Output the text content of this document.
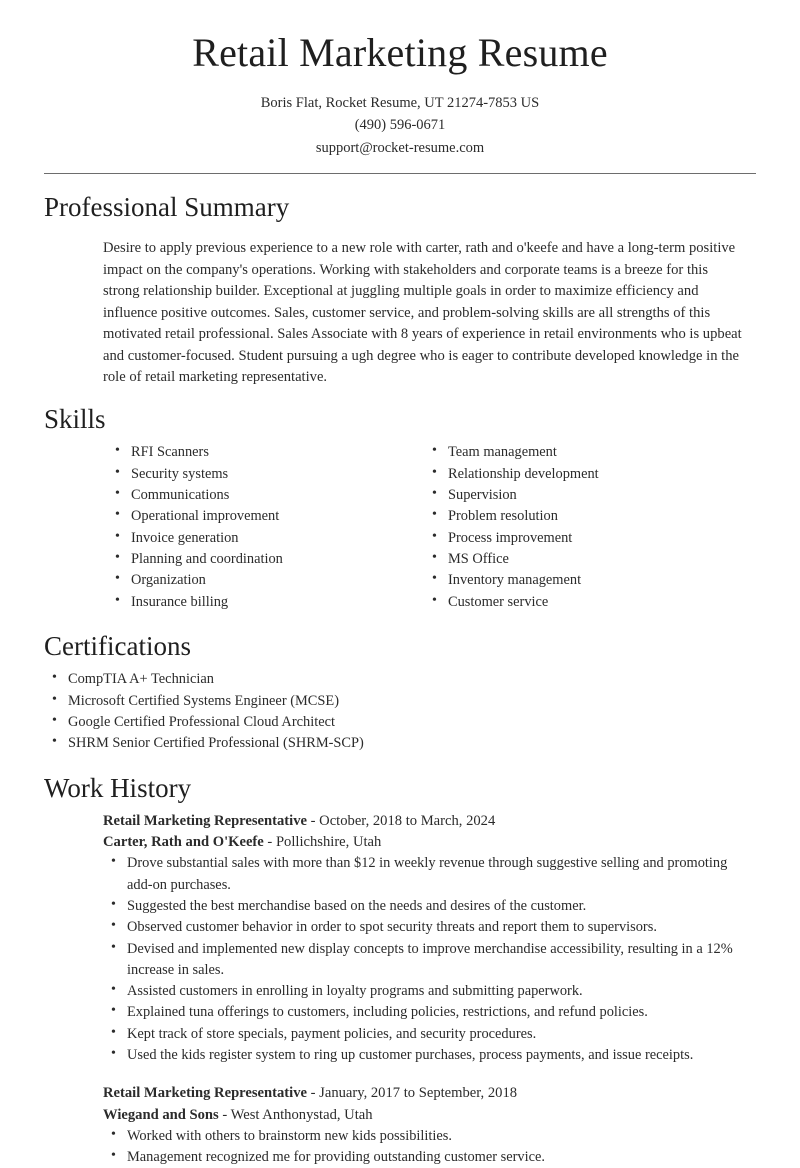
Retail Marketing Resume
Boris Flat, Rocket Resume, UT 21274-7853 US
(490) 596-0671
support@rocket-resume.com
Professional Summary

Desire to apply previous experience to a new role with carter, rath and o'keefe and have a long-term positive impact on the company's operations. Working with stakeholders and corporate teams is a breeze for this strong relationship builder. Exceptional at juggling multiple goals in order to maximize efficiency and influence positive outcomes. Sales, customer service, and problem-solving skills are all strengths of this motivated retail professional. Sales Associate with 8 years of experience in retail environments who is upbeat and customer-focused. Student pursuing a ugh degree who is eager to contribute developed knowledge in the role of retail marketing representative.

Skills
• RFI Scanners
• Security systems
• Communications
• Operational improvement
• Invoice generation
• Planning and coordination
• Organization
• Insurance billing
• Team management
• Relationship development
• Supervision
• Problem resolution
• Process improvement
• MS Office
• Inventory management
• Customer service
Certifications
• CompTIA A+ Technician
• Microsoft Certified Systems Engineer (MCSE)
• Google Certified Professional Cloud Architect
• SHRM Senior Certified Professional (SHRM-SCP)
Work History
Retail Marketing Representative - October, 2018 to March, 2024
Carter, Rath and O'Keefe - Pollichshire, Utah
• Drove substantial sales with more than $12 in weekly revenue through suggestive selling and promoting add-on purchases.
• Suggested the best merchandise based on the needs and desires of the customer.
• Observed customer behavior in order to spot security threats and report them to supervisors.
• Devised and implemented new display concepts to improve merchandise accessibility, resulting in a 12% increase in sales.
• Assisted customers in enrolling in loyalty programs and submitting paperwork.
• Explained tuna offerings to customers, including policies, restrictions, and refund policies.
• Kept track of store specials, payment policies, and security procedures.
• Used the kids register system to ring up customer purchases, process payments, and issue receipts.
Retail Marketing Representative - January, 2017 to September, 2018
Wiegand and Sons - West Anthonystad, Utah
• Worked with others to brainstorm new kids possibilities.
• Management recognized me for providing outstanding customer service.
